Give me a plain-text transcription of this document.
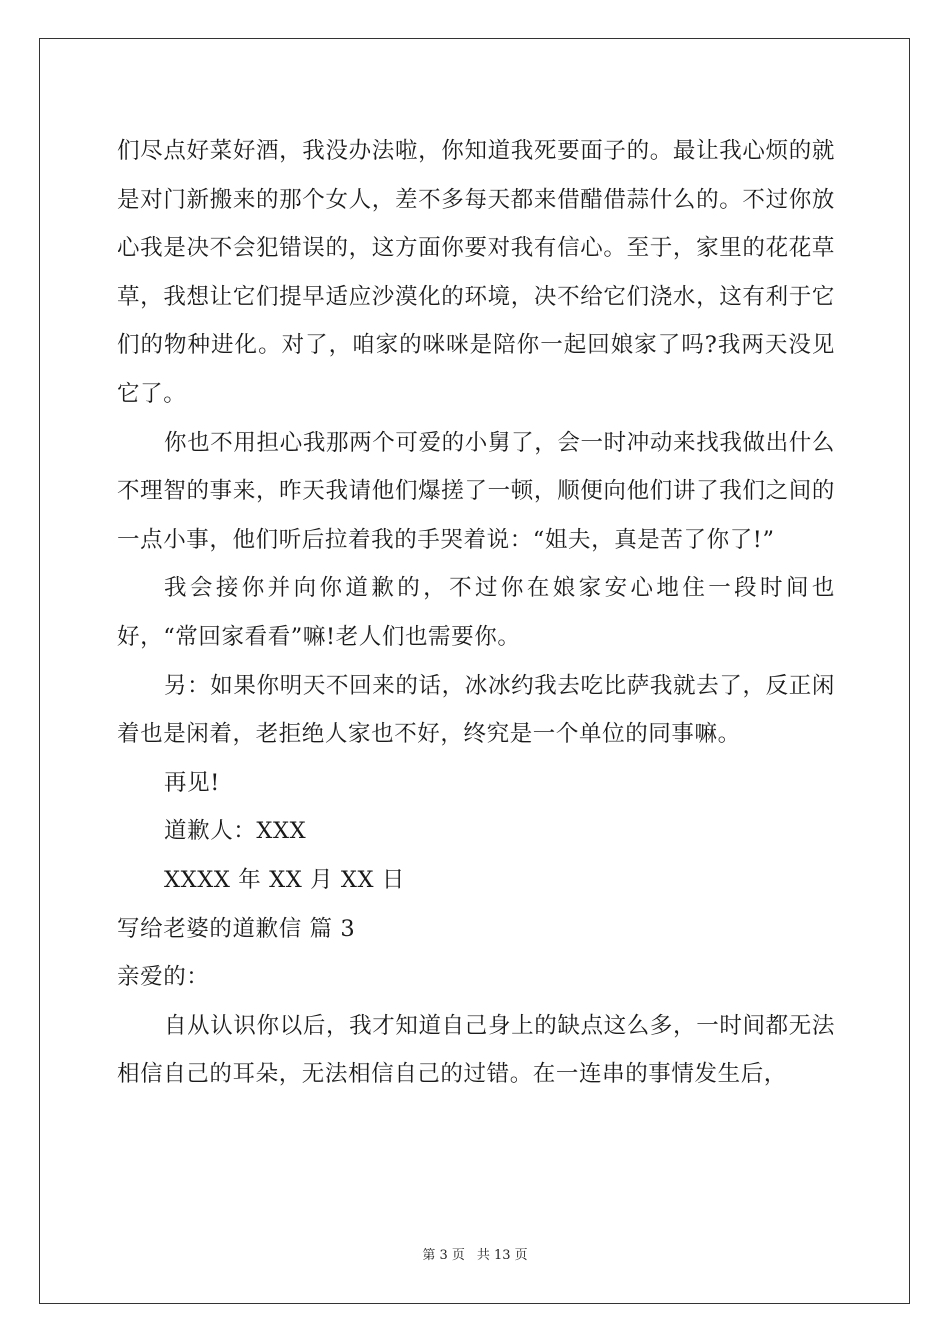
们尽点好菜好酒，我没办法啦，你知道我死要面子的。最让我心烦的就是对门新搬来的那个女人，差不多每天都来借醋借蒜什么的。不过你放心我是决不会犯错误的，这方面你要对我有信心。至于，家里的花花草草，我想让它们提早适应沙漠化的环境，决不给它们浇水，这有利于它们的物种进化。对了，咱家的咪咪是陪你一起回娘家了吗?我两天没见它了。

你也不用担心我那两个可爱的小舅了，会一时冲动来找我做出什么不理智的事来，昨天我请他们爆搓了一顿，顺便向他们讲了我们之间的一点小事，他们听后拉着我的手哭着说：“姐夫，真是苦了你了!”

我会接你并向你道歉的，不过你在娘家安心地住一段时间也好，“常回家看看”嘛!老人们也需要你。

另：如果你明天不回来的话，冰冰约我去吃比萨我就去了，反正闲着也是闲着，老拒绝人家也不好，终究是一个单位的同事嘛。

再见!

道歉人：XXX

XXXX 年 XX 月 XX 日

写给老婆的道歉信 篇 3

亲爱的：

自从认识你以后，我才知道自己身上的缺点这么多，一时间都无法相信自己的耳朵，无法相信自己的过错。在一连串的事情发生后，

第 3 页 共 13 页
